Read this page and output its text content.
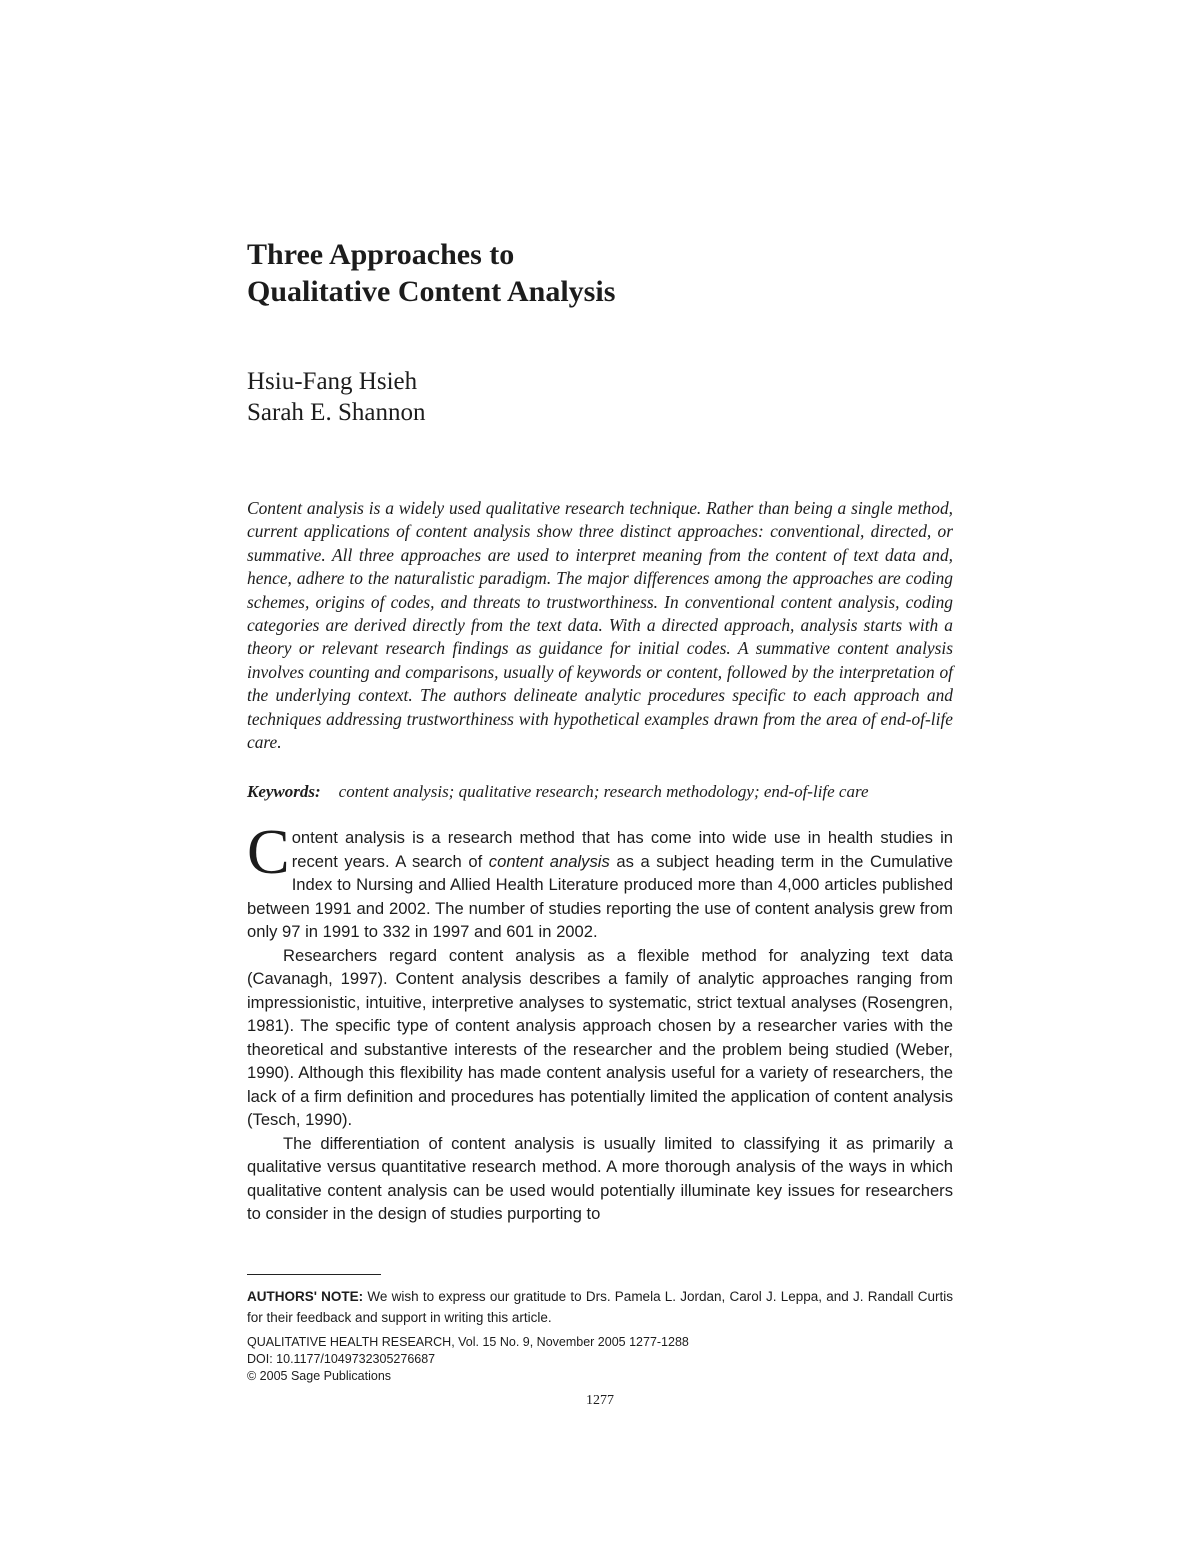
Three Approaches to
Qualitative Content Analysis
Hsiu-Fang Hsieh
Sarah E. Shannon

Content analysis is a widely used qualitative research technique. Rather than being a single method, current applications of content analysis show three distinct approaches: conventional, directed, or summative. All three approaches are used to interpret meaning from the content of text data and, hence, adhere to the naturalistic paradigm. The major differences among the approaches are coding schemes, origins of codes, and threats to trustworthiness. In conventional content analysis, coding categories are derived directly from the text data. With a directed approach, analysis starts with a theory or relevant research findings as guidance for initial codes. A summative content analysis involves counting and comparisons, usually of keywords or content, followed by the interpretation of the underlying context. The authors delineate analytic procedures specific to each approach and techniques addressing trustworthiness with hypothetical examples drawn from the area of end-of-life care.

Keywords: content analysis; qualitative research; research methodology; end-of-life care

Content analysis is a research method that has come into wide use in health studies in recent years. A search of content analysis as a subject heading term in the Cumulative Index to Nursing and Allied Health Literature produced more than 4,000 articles published between 1991 and 2002. The number of studies reporting the use of content analysis grew from only 97 in 1991 to 332 in 1997 and 601 in 2002.

Researchers regard content analysis as a flexible method for analyzing text data (Cavanagh, 1997). Content analysis describes a family of analytic approaches ranging from impressionistic, intuitive, interpretive analyses to systematic, strict textual analyses (Rosengren, 1981). The specific type of content analysis approach chosen by a researcher varies with the theoretical and substantive interests of the researcher and the problem being studied (Weber, 1990). Although this flexibility has made content analysis useful for a variety of researchers, the lack of a firm definition and procedures has potentially limited the application of content analysis (Tesch, 1990).

The differentiation of content analysis is usually limited to classifying it as primarily a qualitative versus quantitative research method. A more thorough analysis of the ways in which qualitative content analysis can be used would potentially illuminate key issues for researchers to consider in the design of studies purporting to

AUTHORS' NOTE: We wish to express our gratitude to Drs. Pamela L. Jordan, Carol J. Leppa, and J. Randall Curtis for their feedback and support in writing this article.
QUALITATIVE HEALTH RESEARCH, Vol. 15 No. 9, November 2005 1277-1288
DOI: 10.1177/1049732305276687
© 2005 Sage Publications
1277
